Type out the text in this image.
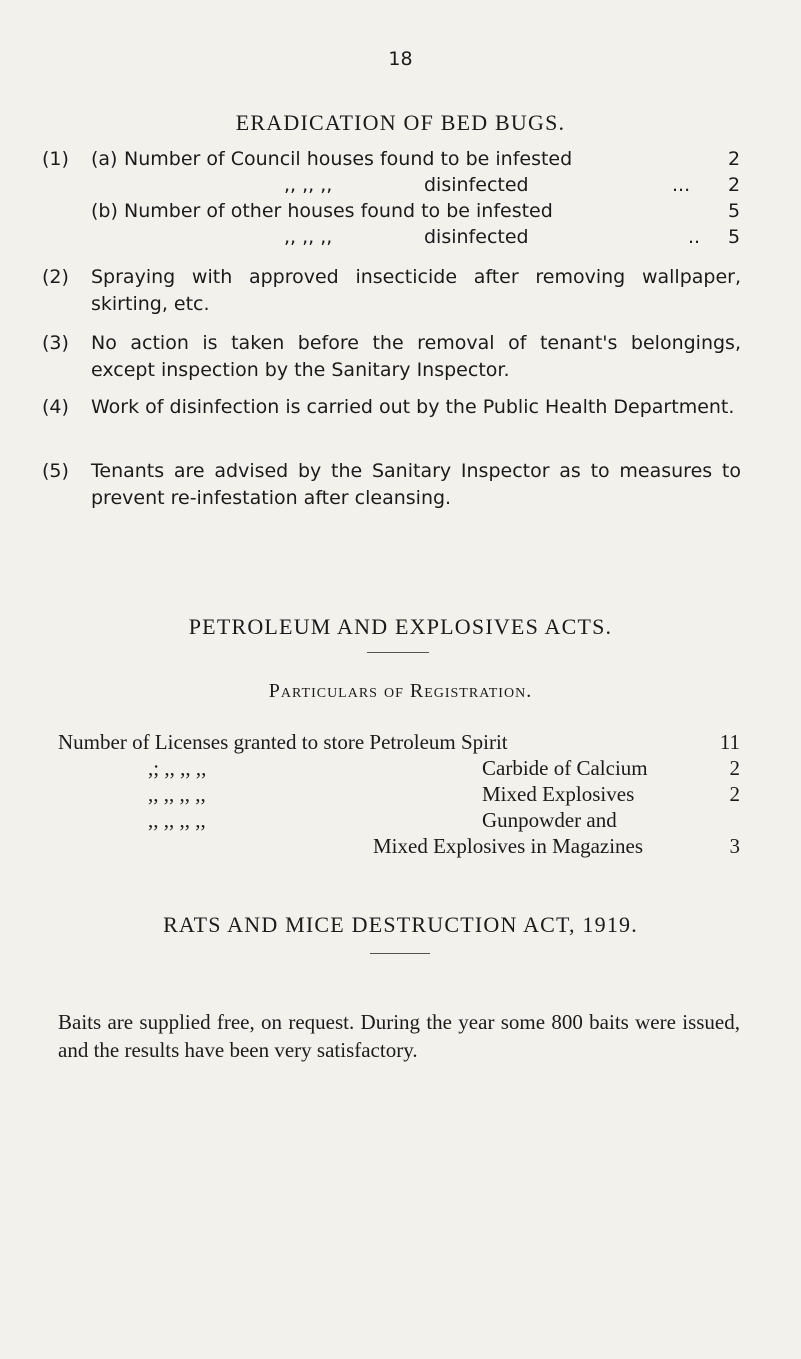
18
ERADICATION OF BED BUGS.
(1) (a) Number of Council houses found to be infested	2
,, ,, ,,	disinfected	... 2
(b) Number of other houses found to be infested	5
,, ,, ,,	disinfected	.. 5
(2) Spraying with approved insecticide after removing wallpaper, skirting, etc.
(3) No action is taken before the removal of tenant's belongings, except inspection by the Sanitary Inspector.
(4) Work of disinfection is carried out by the Public Health Department.
(5) Tenants are advised by the Sanitary Inspector as to measures to prevent re-infestation after cleansing.
PETROLEUM AND EXPLOSIVES ACTS.
Particulars of Registration.
Number of Licenses granted to store Petroleum Spirit	11
,; ,, ,, ,,	Carbide of Calcium	2
,, ,, ,, ,,	Mixed Explosives	2
,, ,, ,, ,,	Gunpowder and
Mixed Explosives in Magazines	3
RATS AND MICE DESTRUCTION ACT, 1919.
Baits are supplied free, on request. During the year some 800 baits were issued, and the results have been very satisfactory.
